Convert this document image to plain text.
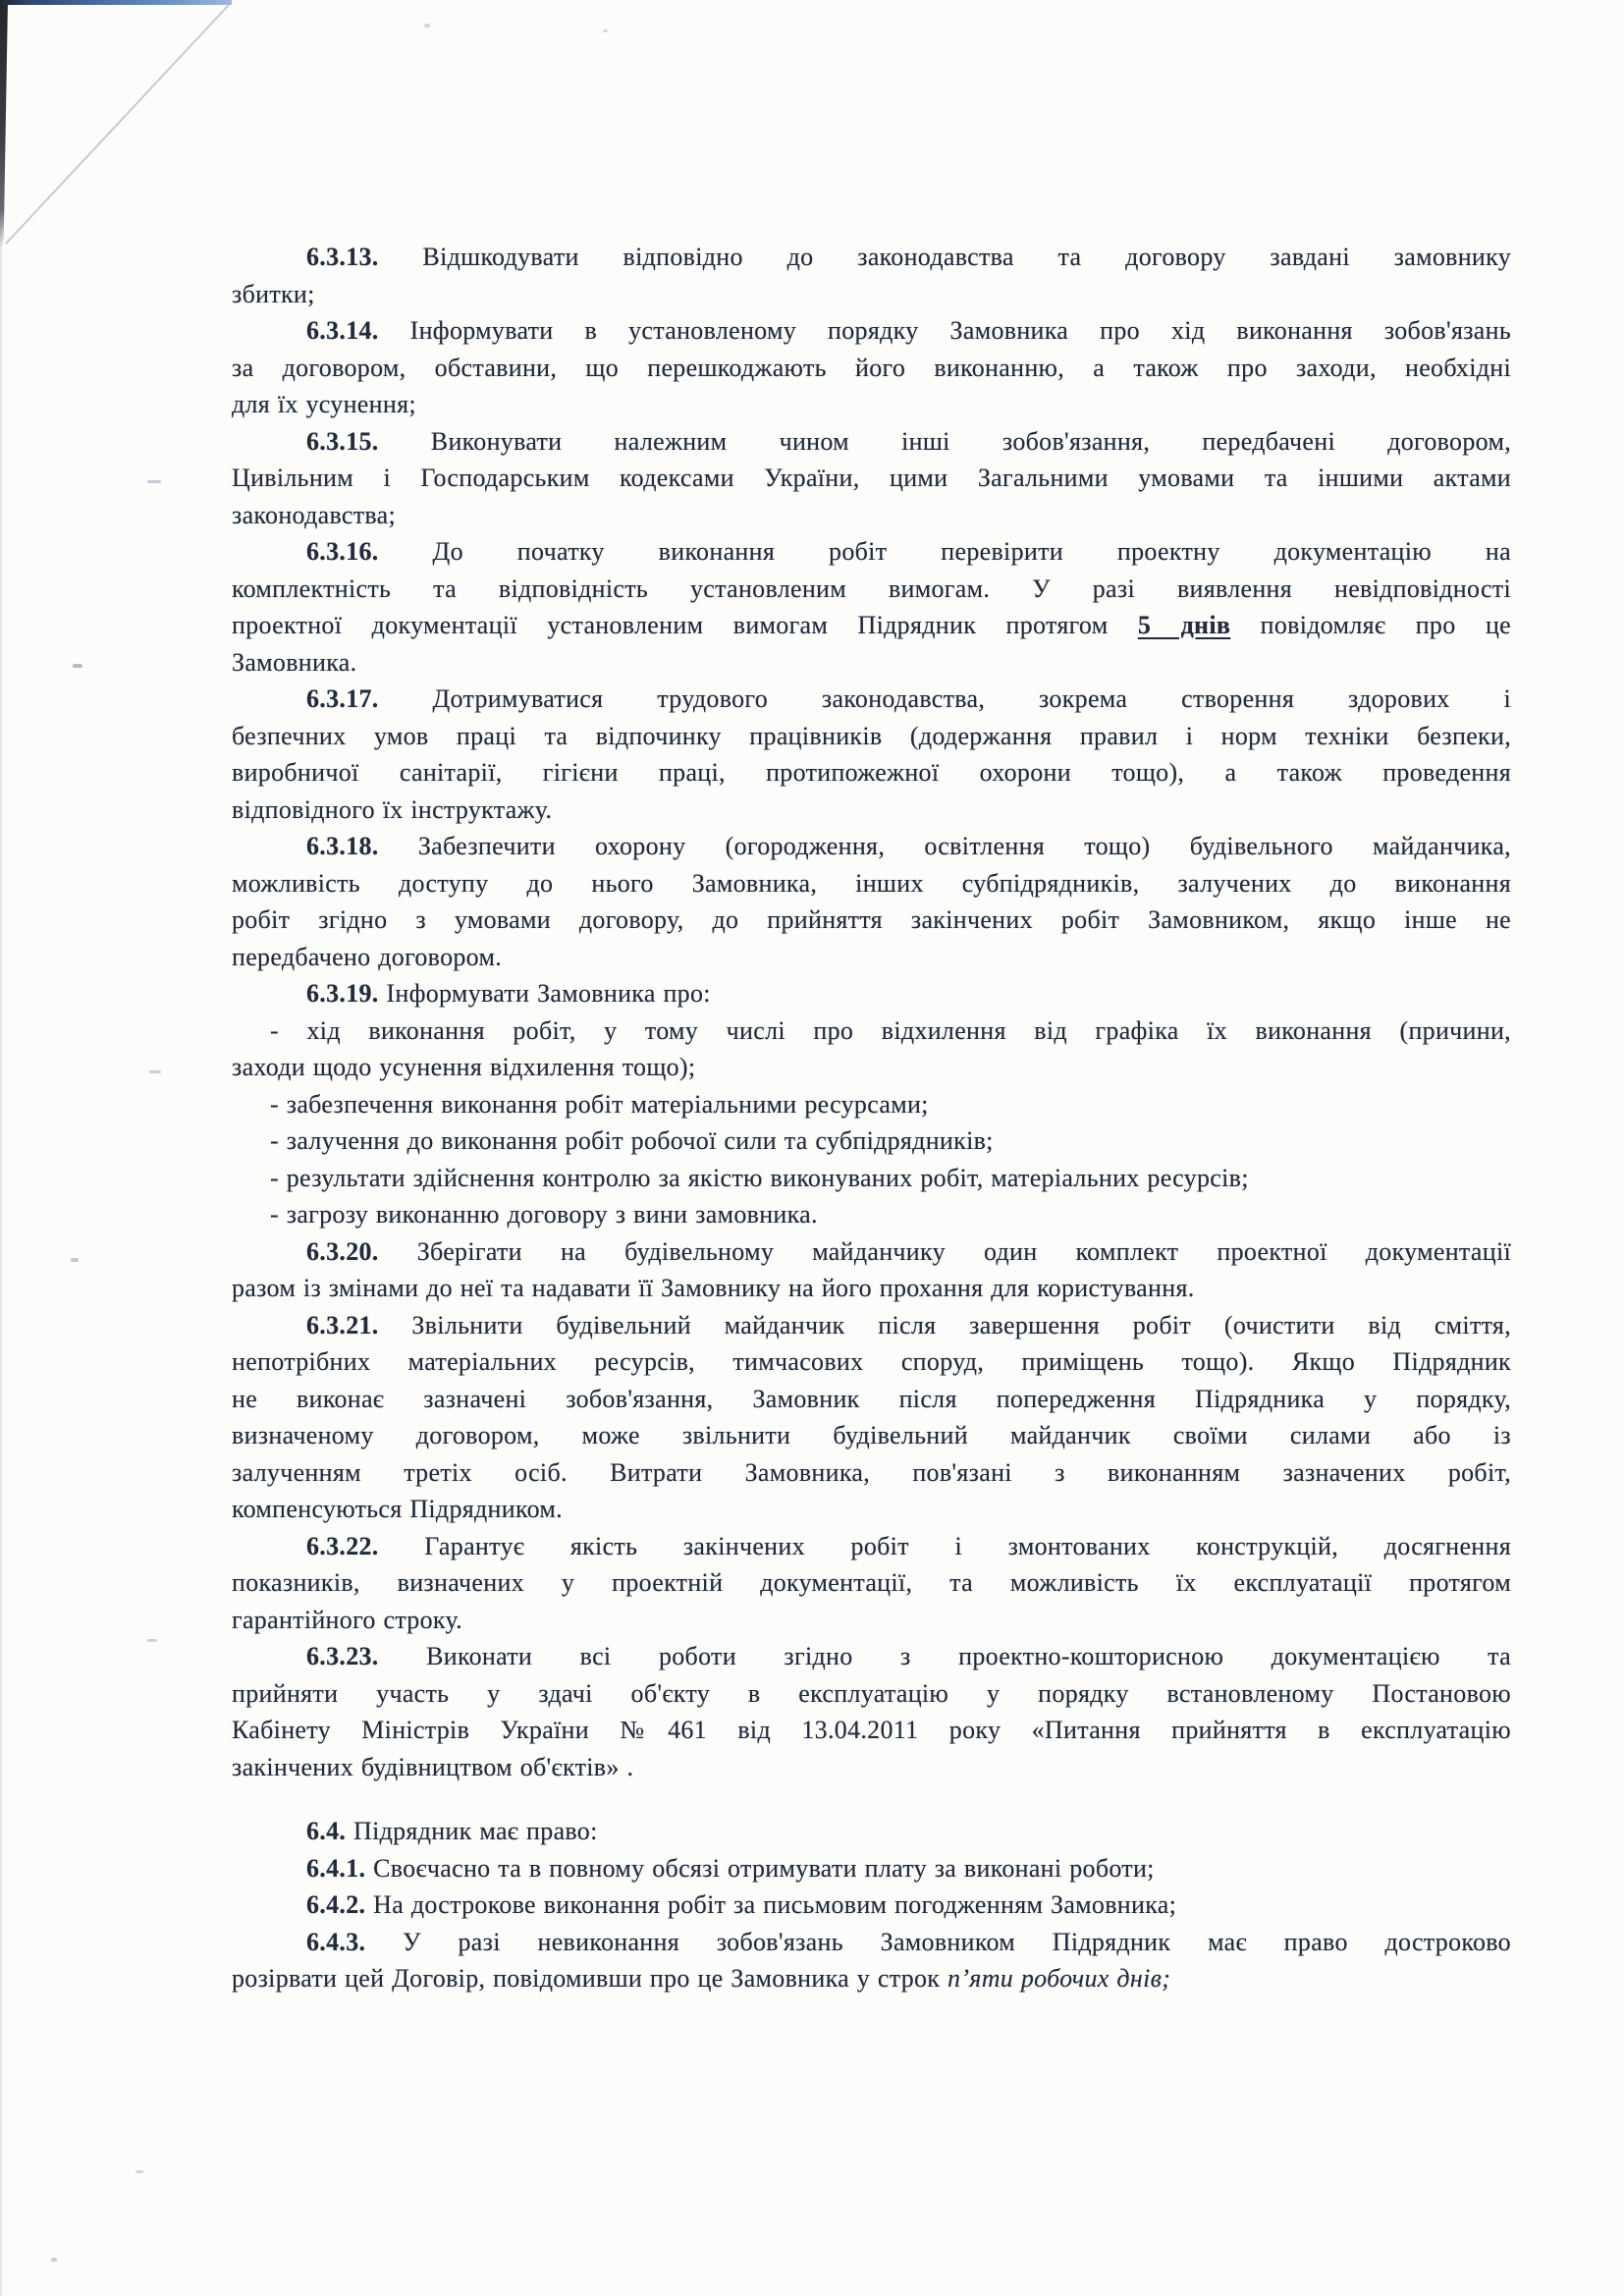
6.3.13. Відшкодувати відповідно до законодавства та договору завдані замовнику
збитки;
6.3.14. Інформувати в установленому порядку Замовника про хід виконання зобов'язань
за договором, обставини, що перешкоджають його виконанню, а також про заходи, необхідні
для їх усунення;
6.3.15. Виконувати належним чином інші зобов'язання, передбачені договором,
Цивільним і Господарським кодексами України, цими Загальними умовами та іншими актами
законодавства;
6.3.16. До початку виконання робіт перевірити проектну документацію на
комплектність та відповідність установленим вимогам. У разі виявлення невідповідності
проектної документації установленим вимогам Підрядник протягом 5 днів повідомляє про це
Замовника.
6.3.17. Дотримуватися трудового законодавства, зокрема створення здорових і
безпечних умов праці та відпочинку працівників (додержання правил і норм техніки безпеки,
виробничої санітарії, гігієни праці, протипожежної охорони тощо), а також проведення
відповідного їх інструктажу.
6.3.18. Забезпечити охорону (огородження, освітлення тощо) будівельного майданчика,
можливість доступу до нього Замовника, інших субпідрядників, залучених до виконання
робіт згідно з умовами договору, до прийняття закінчених робіт Замовником, якщо інше не
передбачено договором.
6.3.19. Інформувати Замовника про:
- хід виконання робіт, у тому числі про відхилення від графіка їх виконання (причини,
заходи щодо усунення відхилення тощо);
- забезпечення виконання робіт матеріальними ресурсами;
- залучення до виконання робіт робочої сили та субпідрядників;
- результати здійснення контролю за якістю виконуваних робіт, матеріальних ресурсів;
- загрозу виконанню договору з вини замовника.
6.3.20. Зберігати на будівельному майданчику один комплект проектної документації
разом із змінами до неї та надавати її Замовнику на його прохання для користування.
6.3.21. Звільнити будівельний майданчик після завершення робіт (очистити від сміття,
непотрібних матеріальних ресурсів, тимчасових споруд, приміщень тощо). Якщо Підрядник
не виконає зазначені зобов'язання, Замовник після попередження Підрядника у порядку,
визначеному договором, може звільнити будівельний майданчик своїми силами або із
залученням третіх осіб. Витрати Замовника, пов'язані з виконанням зазначених робіт,
компенсуються Підрядником.
6.3.22. Гарантує якість закінчених робіт і змонтованих конструкцій, досягнення
показників, визначених у проектній документації, та можливість їх експлуатації протягом
гарантійного строку.
6.3.23. Виконати всі роботи згідно з проектно-кошторисною документацією та
прийняти участь у здачі об'єкту в експлуатацію у порядку встановленому Постановою
Кабінету Міністрів України №461 від 13.04.2011 року «Питання прийняття в експлуатацію
закінчених будівництвом об'єктів» .
6.4. Підрядник має право:
6.4.1. Своєчасно та в повному обсязі отримувати плату за виконані роботи;
6.4.2. На дострокове виконання робіт за письмовим погодженням Замовника;
6.4.3. У разі невиконання зобов'язань Замовником Підрядник має право достроково
розірвати цей Договір, повідомивши про це Замовника у строк п’яти робочих днів;
